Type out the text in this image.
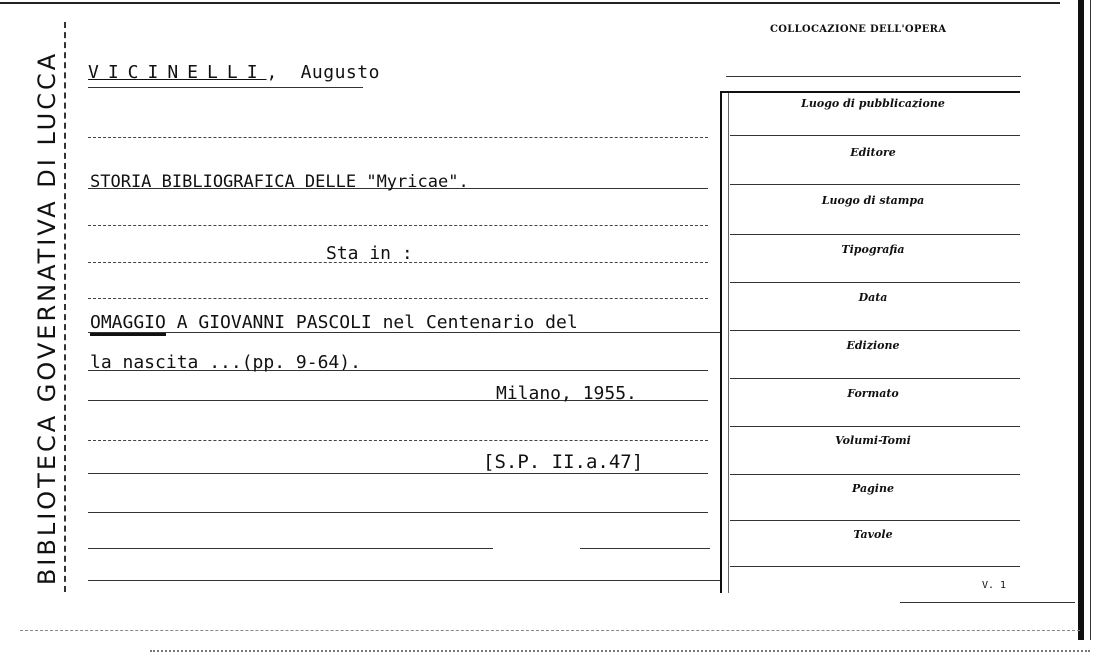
BIBLIOTECA GOVERNATIVA DI LUCCA
COLLOCAZIONE DELL'OPERA
Luogo di pubblicazione
Editore
Luogo di stampa
Tipografia
Data
Edizione
Formato
Volumi-Tomi
Pagine
Tavole
VICINELLI, Augusto
STORIA BIBLIOGRAFICA DELLE "Myricae".
Sta in :
OMAGGIO A GIOVANNI PASCOLI nel Centenario del
la nascita ...(pp. 9-64).
Milano, 1955.
[S.P. II.a.47]
V. 1
